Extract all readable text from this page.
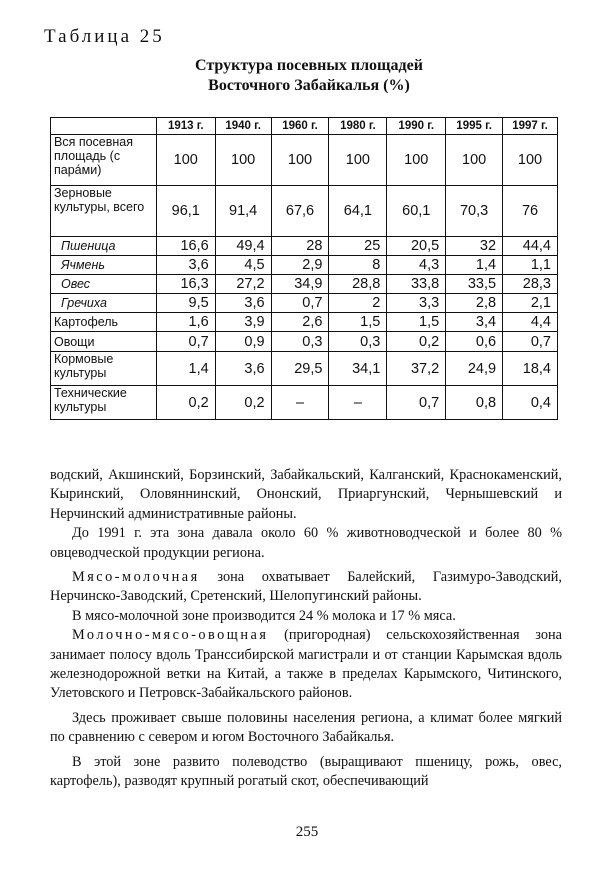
Таблица 25
Структура посевных площадей
Восточного Забайкалья (%)
	1913 г.	1940 г.	1960 г.	1980 г.	1990 г.	1995 г.	1997 г.
Вся посевная площадь (с парáми)	100	100	100	100	100	100	100
Зерновые культуры, всего	96,1	91,4	67,6	64,1	60,1	70,3	76
Пшеница	16,6	49,4	28	25	20,5	32	44,4
Ячмень	3,6	4,5	2,9	8	4,3	1,4	1,1
Овес	16,3	27,2	34,9	28,8	33,8	33,5	28,3
Гречиха	9,5	3,6	0,7	2	3,3	2,8	2,1
Картофель	1,6	3,9	2,6	1,5	1,5	3,4	4,4
Овощи	0,7	0,9	0,3	0,3	0,2	0,6	0,7
Кормовые культуры	1,4	3,6	29,5	34,1	37,2	24,9	18,4
Технические культуры	0,2	0,2	–	–	0,7	0,8	0,4

водский, Акшинский, Борзинский, Забайкальский, Калганский, Краснокаменский, Кыринский, Оловяннинский, Ононский, Приаргунский, Чернышевский и Нерчинский административные районы.

До 1991 г. эта зона давала около 60 % животноводческой и более 80 % овцеводческой продукции региона.

Мясо-молочная зона охватывает Балейский, Газимуро-Заводский, Нерчинско-Заводский, Сретенский, Шелопугинский районы.

В мясо-молочной зоне производится 24 % молока и 17 % мяса.

Молочно-мясо-овощная (пригородная) сельскохозяйственная зона занимает полосу вдоль Транссибирской магистрали и от станции Карымская вдоль железнодорожной ветки на Китай, а также в пределах Карымского, Читинского, Улетовского и Петровск-Забайкальского районов.

Здесь проживает свыше половины населения региона, а климат более мягкий по сравнению с севером и югом Восточного Забайкалья.

В этой зоне развито полеводство (выращивают пшеницу, рожь, овес, картофель), разводят крупный рогатый скот, обеспечивающий

255
